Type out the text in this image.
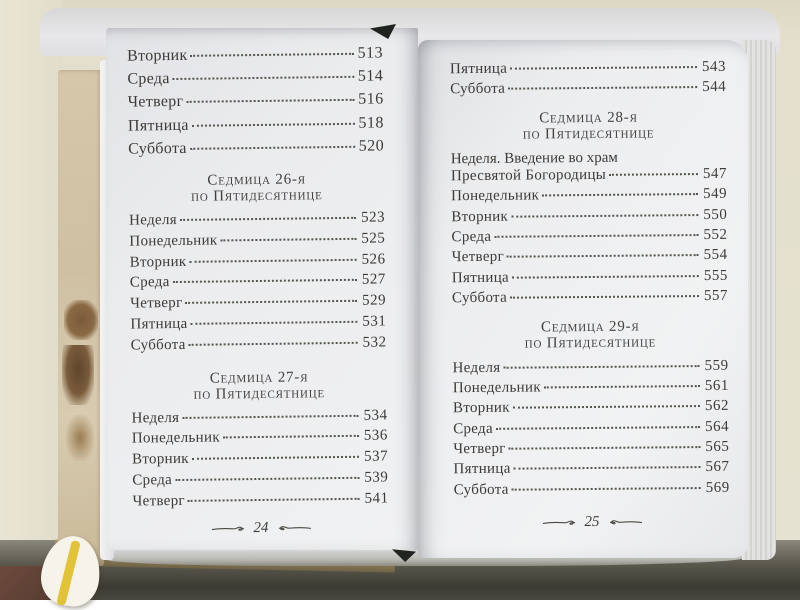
Вторник	513
Среда	514
Четверг	516
Пятница	518
Суббота	520
Седмица 26-я
по Пятидесятнице
Неделя	523
Понедельник	525
Вторник	526
Среда	527
Четверг	529
Пятница	531
Суббота	532
Седмица 27-я
по Пятидесятнице
Неделя	534
Понедельник	536
Вторник	537
Среда	539
Четверг	541
24
Пятница	543
Суббота	544
Седмица 28-я
по Пятидесятнице
Неделя. Введение во храм
Пресвятой Богородицы	547
Понедельник	549
Вторник	550
Среда	552
Четверг	554
Пятница	555
Суббота	557
Седмица 29-я
по Пятидесятнице
Неделя	559
Понедельник	561
Вторник	562
Среда	564
Четверг	565
Пятница	567
Суббота	569
25
